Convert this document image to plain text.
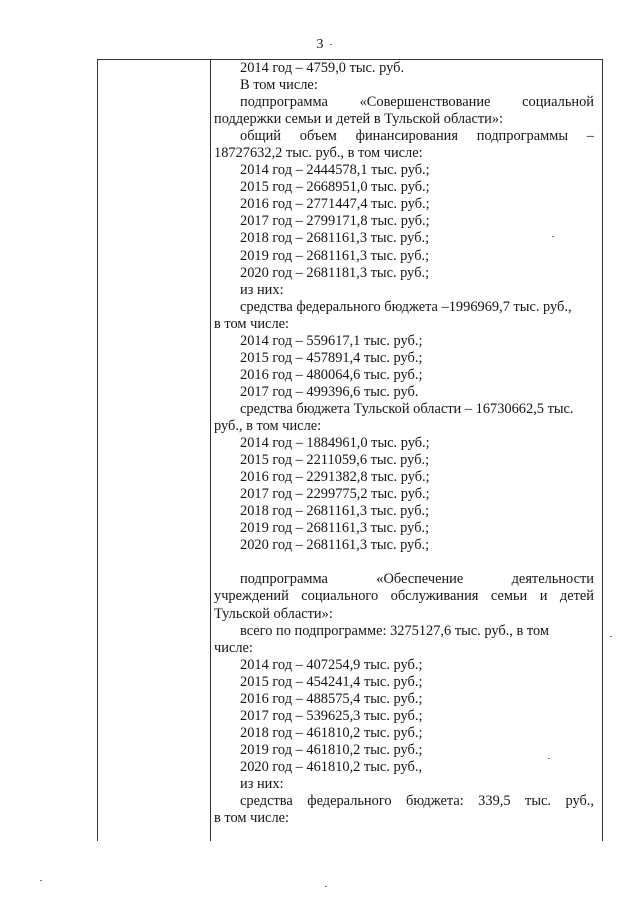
3
2014 год – 4759,0 тыс. руб.
В том числе:
подпрограмма «Совершенствование социальной
поддержки семьи и детей в Тульской области»:
общий объем финансирования подпрограммы –
18727632,2 тыс. руб., в том числе:
2014 год – 2444578,1 тыс. руб.;
2015 год – 2668951,0 тыс. руб.;
2016 год – 2771447,4 тыс. руб.;
2017 год – 2799171,8 тыс. руб.;
2018 год – 2681161,3 тыс. руб.;
2019 год – 2681161,3 тыс. руб.;
2020 год – 2681181,3 тыс. руб.;
из них:
средства федерального бюджета –1996969,7 тыс. руб.,
в том числе:
2014 год – 559617,1 тыс. руб.;
2015 год – 457891,4 тыс. руб.;
2016 год – 480064,6 тыс. руб.;
2017 год – 499396,6 тыс. руб.
средства бюджета Тульской области – 16730662,5 тыс.
руб., в том числе:
2014 год – 1884961,0 тыс. руб.;
2015 год – 2211059,6 тыс. руб.;
2016 год – 2291382,8 тыс. руб.;
2017 год – 2299775,2 тыс. руб.;
2018 год – 2681161,3 тыс. руб.;
2019 год – 2681161,3 тыс. руб.;
2020 год – 2681161,3 тыс. руб.;
подпрограмма «Обеспечение деятельности
учреждений социального обслуживания семьи и детей
Тульской области»:
всего по подпрограмме: 3275127,6 тыс. руб., в том
числе:
2014 год – 407254,9 тыс. руб.;
2015 год – 454241,4 тыс. руб.;
2016 год – 488575,4 тыс. руб.;
2017 год – 539625,3 тыс. руб.;
2018 год – 461810,2 тыс. руб.;
2019 год – 461810,2 тыс. руб.;
2020 год – 461810,2 тыс. руб.,
из них:
средства федерального бюджета: 339,5 тыс. руб.,
в том числе:
